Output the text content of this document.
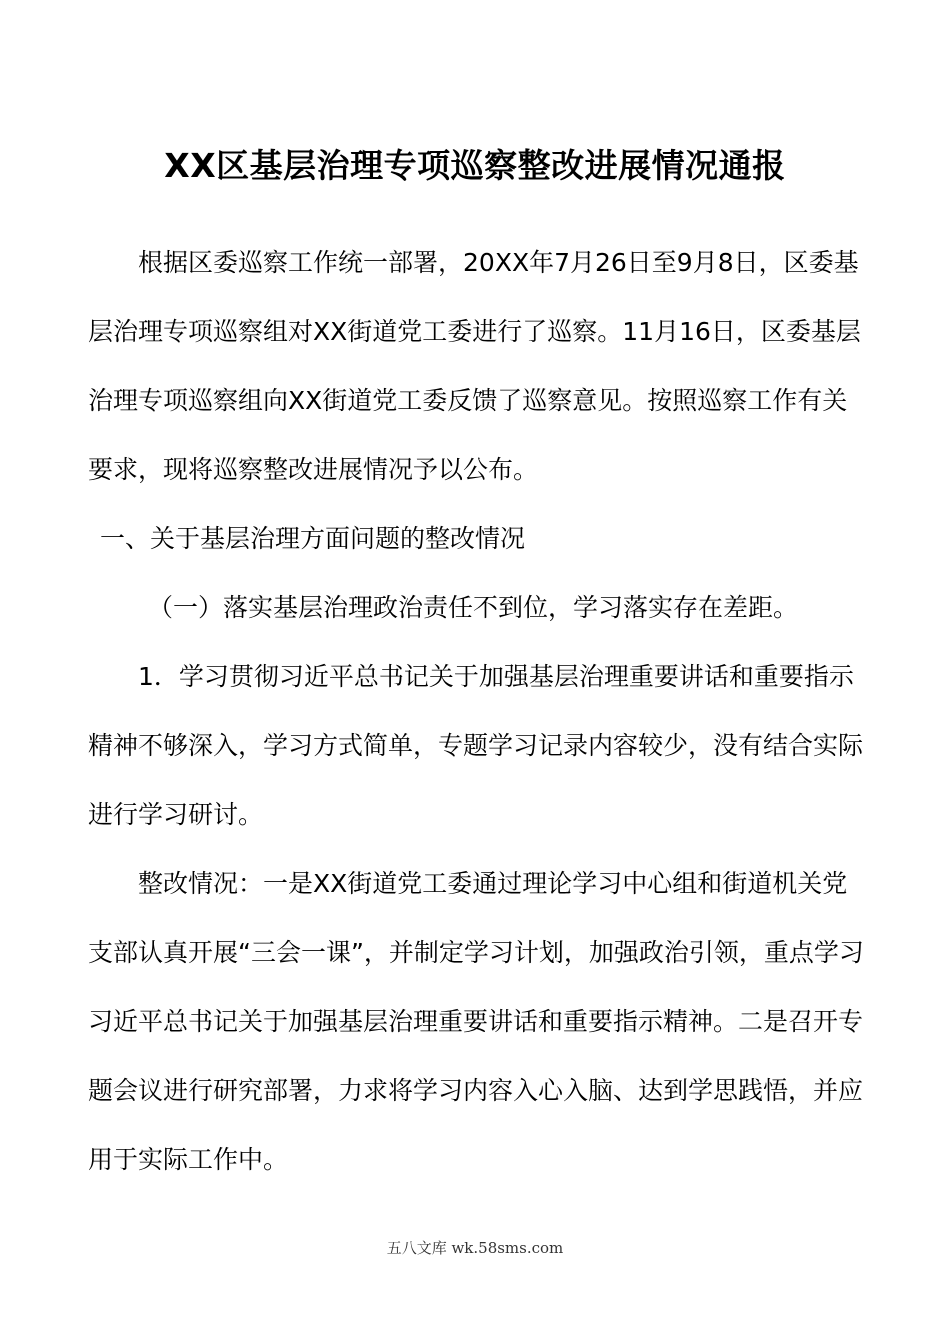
XX区基层治理专项巡察整改进展情况通报

根据区委巡察工作统一部署，20XX年7月26日至9月8日，区委基层治理专项巡察组对XX街道党工委进行了巡察。11月16日，区委基层治理专项巡察组向XX街道党工委反馈了巡察意见。按照巡察工作有关要求，现将巡察整改进展情况予以公布。

一、关于基层治理方面问题的整改情况

（一）落实基层治理政治责任不到位，学习落实存在差距。

1．学习贯彻习近平总书记关于加强基层治理重要讲话和重要指示精神不够深入，学习方式简单，专题学习记录内容较少，没有结合实际进行学习研讨。

整改情况：一是XX街道党工委通过理论学习中心组和街道机关党支部认真开展“三会一课”，并制定学习计划，加强政治引领，重点学习习近平总书记关于加强基层治理重要讲话和重要指示精神。二是召开专题会议进行研究部署，力求将学习内容入心入脑、达到学思践悟，并应用于实际工作中。

五八文库 wk.58sms.com
